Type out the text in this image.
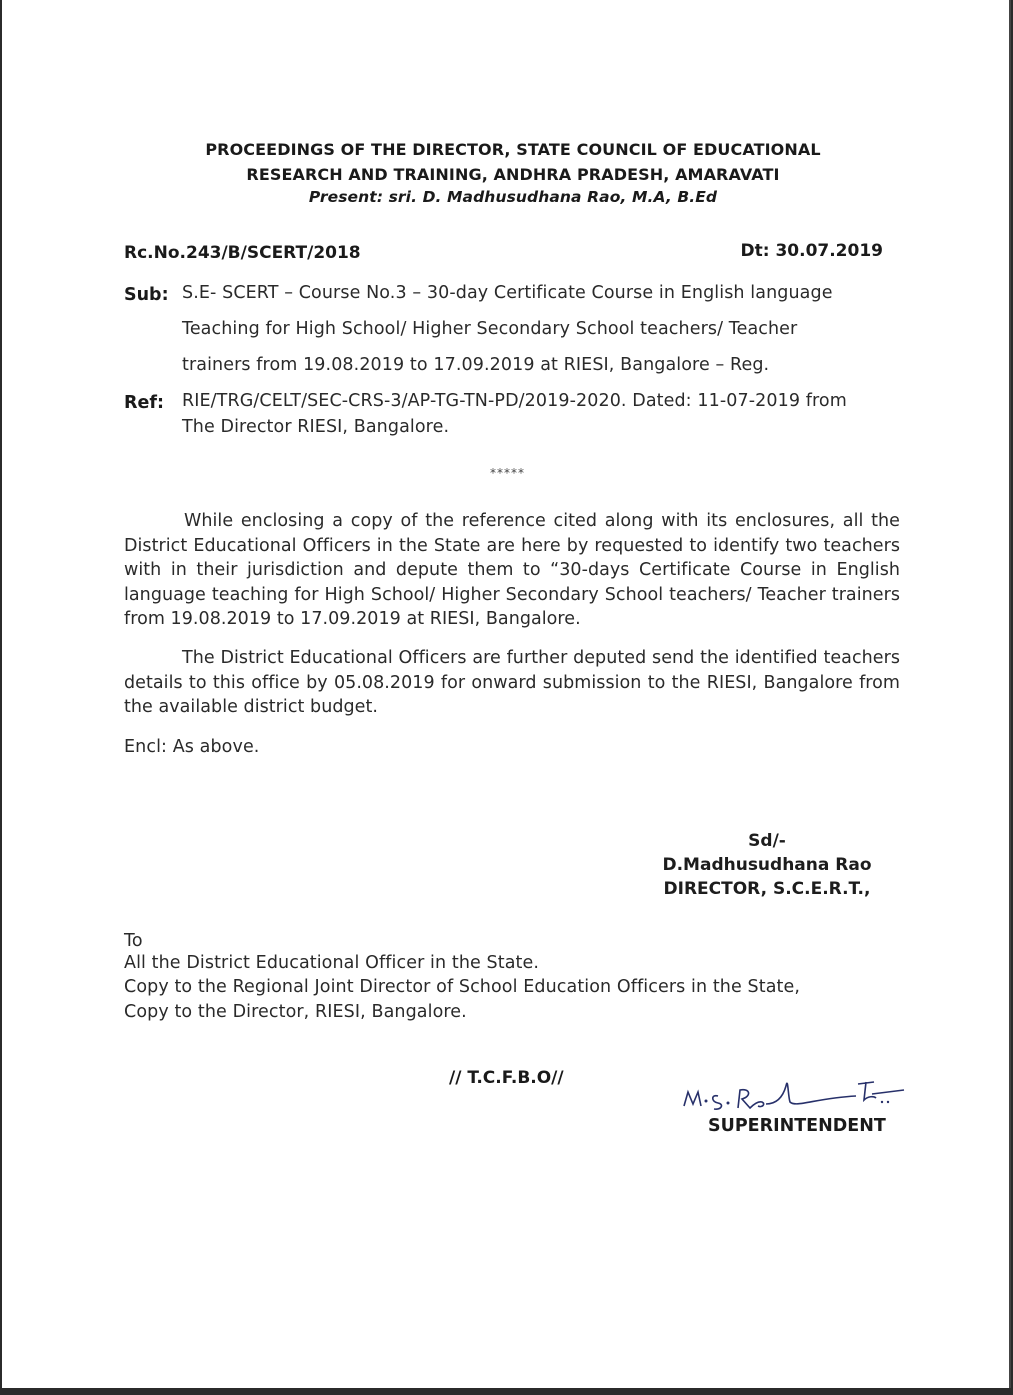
PROCEEDINGS OF THE DIRECTOR, STATE COUNCIL OF EDUCATIONAL

RESEARCH AND TRAINING, ANDHRA PRADESH, AMARAVATI

Present: sri. D. Madhusudhana Rao, M.A, B.Ed

Rc.No.243/B/SCERT/2018	Dt: 30.07.2019

Sub: S.E- SCERT – Course No.3 – 30-day Certificate Course in English language

Teaching for High School/ Higher Secondary School teachers/ Teacher

trainers from 19.08.2019 to 17.09.2019 at RIESI, Bangalore – Reg.

Ref: RIE/TRG/CELT/SEC-CRS-3/AP-TG-TN-PD/2019-2020. Dated: 11-07-2019 from

The Director RIESI, Bangalore.

*****

While enclosing a copy of the reference cited along with its enclosures, all the District Educational Officers in the State are here by requested to identify two teachers with in their jurisdiction and depute them to “30-days Certificate Course in English language teaching for High School/ Higher Secondary School teachers/ Teacher trainers from 19.08.2019 to 17.09.2019 at RIESI, Bangalore.

The District Educational Officers are further deputed send the identified teachers details to this office by 05.08.2019 for onward submission to the RIESI, Bangalore from the available district budget.

Encl: As above.

Sd/-
D.Madhusudhana Rao
DIRECTOR, S.C.E.R.T.,

To

All the District Educational Officer in the State.

Copy to the Regional Joint Director of School Education Officers in the State,

Copy to the Director, RIESI, Bangalore.

// T.C.F.B.O//

SUPERINTENDENT
